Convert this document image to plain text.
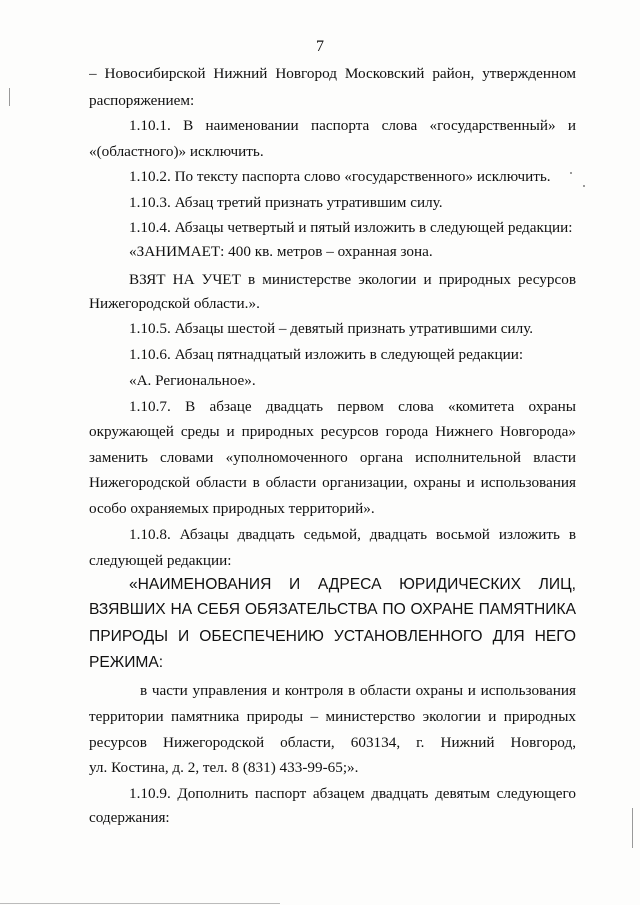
7
– Новосибирской Нижний Новгород Московский район, утвержденном
распоряжением:
1.10.1. В наименовании паспорта слова «государственный» и
«(областного)» исключить.
1.10.2. По тексту паспорта слово «государственного» исключить.
1.10.3. Абзац третий признать утратившим силу.
1.10.4. Абзацы четвертый и пятый изложить в следующей редакции:
«ЗАНИМАЕТ: 400 кв. метров – охранная зона.
ВЗЯТ НА УЧЕТ в министерстве экологии и природных ресурсов
Нижегородской области.».
1.10.5. Абзацы шестой – девятый признать утратившими силу.
1.10.6. Абзац пятнадцатый изложить в следующей редакции:
«А. Региональное».
1.10.7. В абзаце двадцать первом слова «комитета охраны
окружающей среды и природных ресурсов города Нижнего Новгорода»
заменить словами «уполномоченного органа исполнительной власти
Нижегородской области в области организации, охраны и использования
особо охраняемых природных территорий».
1.10.8. Абзацы двадцать седьмой, двадцать восьмой изложить в
следующей редакции:
«НАИМЕНОВАНИЯ И АДРЕСА ЮРИДИЧЕСКИХ ЛИЦ,
ВЗЯВШИХ НА СЕБЯ ОБЯЗАТЕЛЬСТВА ПО ОХРАНЕ ПАМЯТНИКА
ПРИРОДЫ И ОБЕСПЕЧЕНИЮ УСТАНОВЛЕННОГО ДЛЯ НЕГО
РЕЖИМА:
в части управления и контроля в области охраны и использования
территории памятника природы – министерство экологии и природных
ресурсов Нижегородской области, 603134, г. Нижний Новгород,
ул. Костина, д. 2, тел. 8 (831) 433-99-65;».
1.10.9. Дополнить паспорт абзацем двадцать девятым следующего
содержания:
